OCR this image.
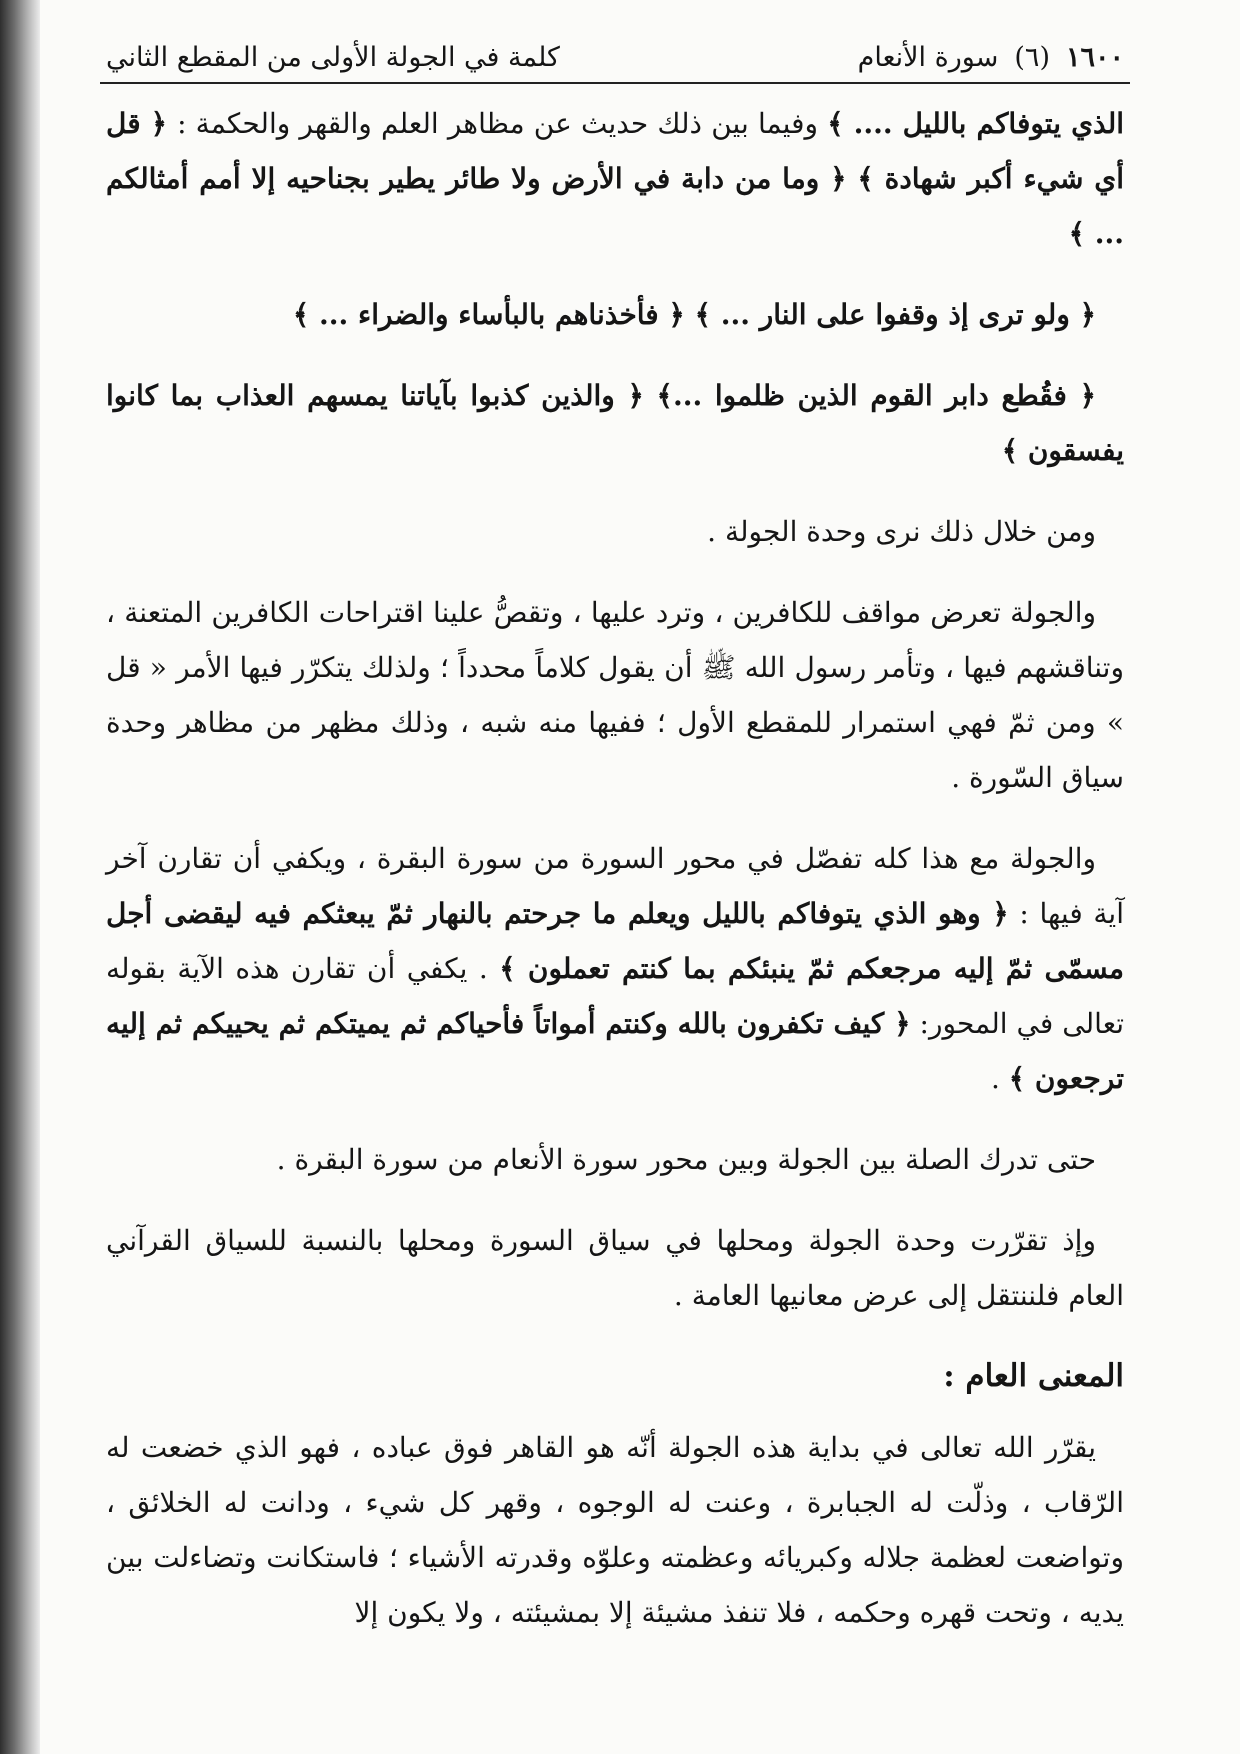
١٦٠٠
(٦)
سورة الأنعام
كلمة في الجولة الأولى من المقطع الثاني

الذي يتوفاكم بالليل .... ﴾ وفيما بين ذلك حديث عن مظاهر العلم والقهر والحكمة : ﴿ قل أي شيء أكبر شهادة ﴾ ﴿ وما من دابة في الأرض ولا طائر يطير بجناحيه إلا أمم أمثالكم ... ﴾

﴿ ولو ترى إذ وقفوا على النار ... ﴾ ﴿ فأخذناهم بالبأساء والضراء ... ﴾

﴿ فقُطع دابر القوم الذين ظلموا ...﴾ ﴿ والذين كذبوا بآياتنا يمسهم العذاب بما كانوا يفسقون ﴾

ومن خلال ذلك نرى وحدة الجولة .

والجولة تعرض مواقف للكافرين ، وترد عليها ، وتقصُّ علينا اقتراحات الكافرين المتعنة ، وتناقشهم فيها ، وتأمر رسول الله ﷺ أن يقول كلاماً محدداً ؛ ولذلك يتكرّر فيها الأمر « قل » ومن ثمّ فهي استمرار للمقطع الأول ؛ ففيها منه شبه ، وذلك مظهر من مظاهر وحدة سياق السّورة .

والجولة مع هذا كله تفصّل في محور السورة من سورة البقرة ، ويكفي أن تقارن آخر آية فيها : ﴿ وهو الذي يتوفاكم بالليل ويعلم ما جرحتم بالنهار ثمّ يبعثكم فيه ليقضى أجل مسمّى ثمّ إليه مرجعكم ثمّ ينبئكم بما كنتم تعملون ﴾ . يكفي أن تقارن هذه الآية بقوله تعالى في المحور: ﴿ كيف تكفرون بالله وكنتم أمواتاً فأحياكم ثم يميتكم ثم يحييكم ثم إليه ترجعون ﴾ .

حتى تدرك الصلة بين الجولة وبين محور سورة الأنعام من سورة البقرة .

وإذ تقرّرت وحدة الجولة ومحلها في سياق السورة ومحلها بالنسبة للسياق القرآني العام فلننتقل إلى عرض معانيها العامة .

المعنى العام :

يقرّر الله تعالى في بداية هذه الجولة أنّه هو القاهر فوق عباده ، فهو الذي خضعت له الرّقاب ، وذلّت له الجبابرة ، وعنت له الوجوه ، وقهر كل شيء ، ودانت له الخلائق ، وتواضعت لعظمة جلاله وكبريائه وعظمته وعلوّه وقدرته الأشياء ؛ فاستكانت وتضاءلت بين يديه ، وتحت قهره وحكمه ، فلا تنفذ مشيئة إلا بمشيئته ، ولا يكون إلا
